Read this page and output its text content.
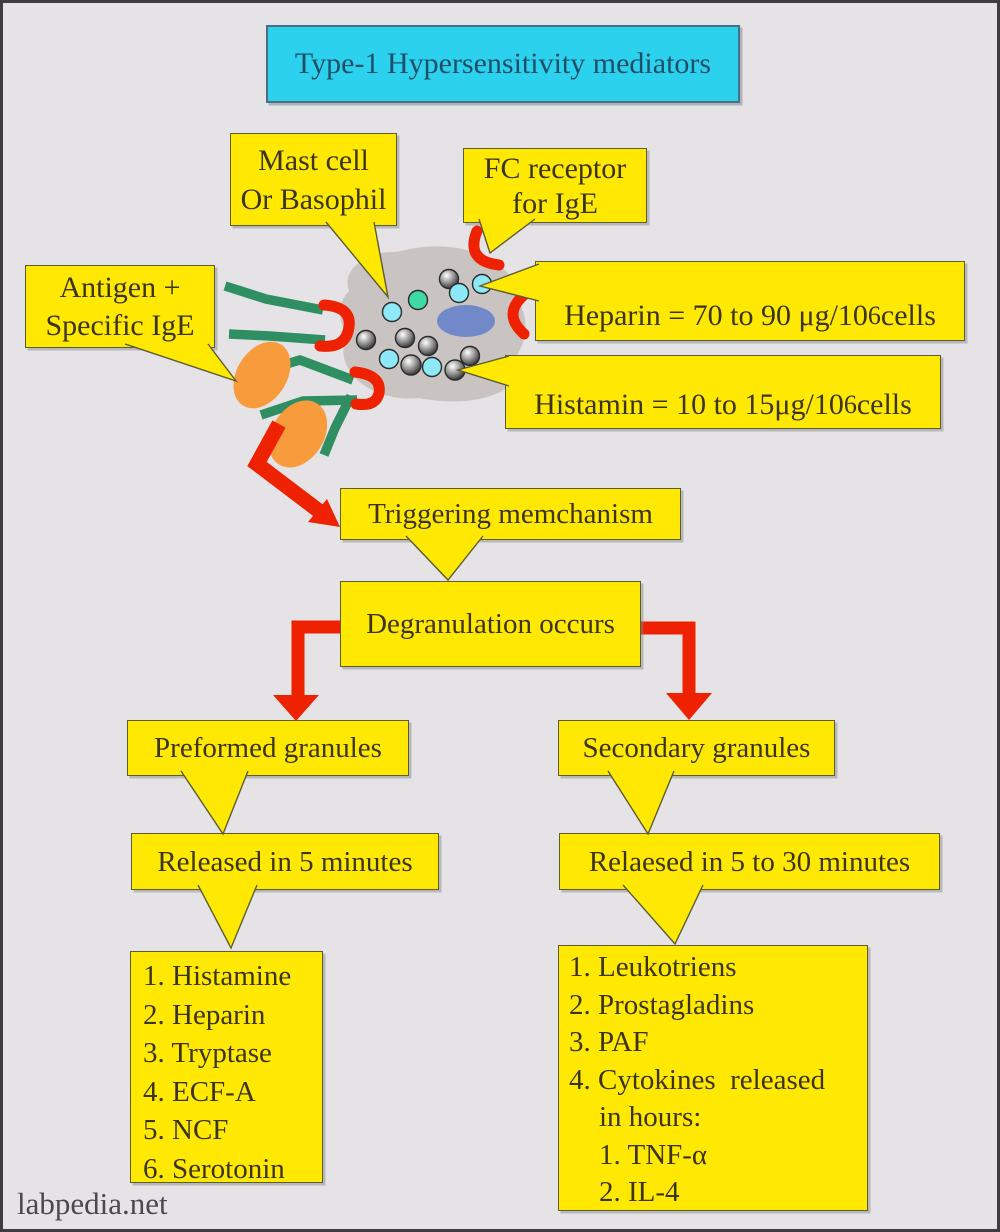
Type-1 Hypersensitivity mediators
Mast cell
Or Basophil
FC receptor
for IgE
Antigen +
Specific IgE	Heparin = 70 to 90 μg/10 6 cells
Histamin = 10 to 15 μg/10 6 cells
Triggering memchanism
Degranulation occurs
Preformed granules	Secondary granules
Released in 5 minutes	Relaesed in 5 to 30 minutes
1. Histamine
2. Heparin
3. Tryptase
4. ECF-A
5. NCF
6. Serotonin
1. Leukotriens
2. Prostagladins
3. PAF
4. Cytokines  released
in hours:
1. TNF-α
2. IL-4
labpedia.net
